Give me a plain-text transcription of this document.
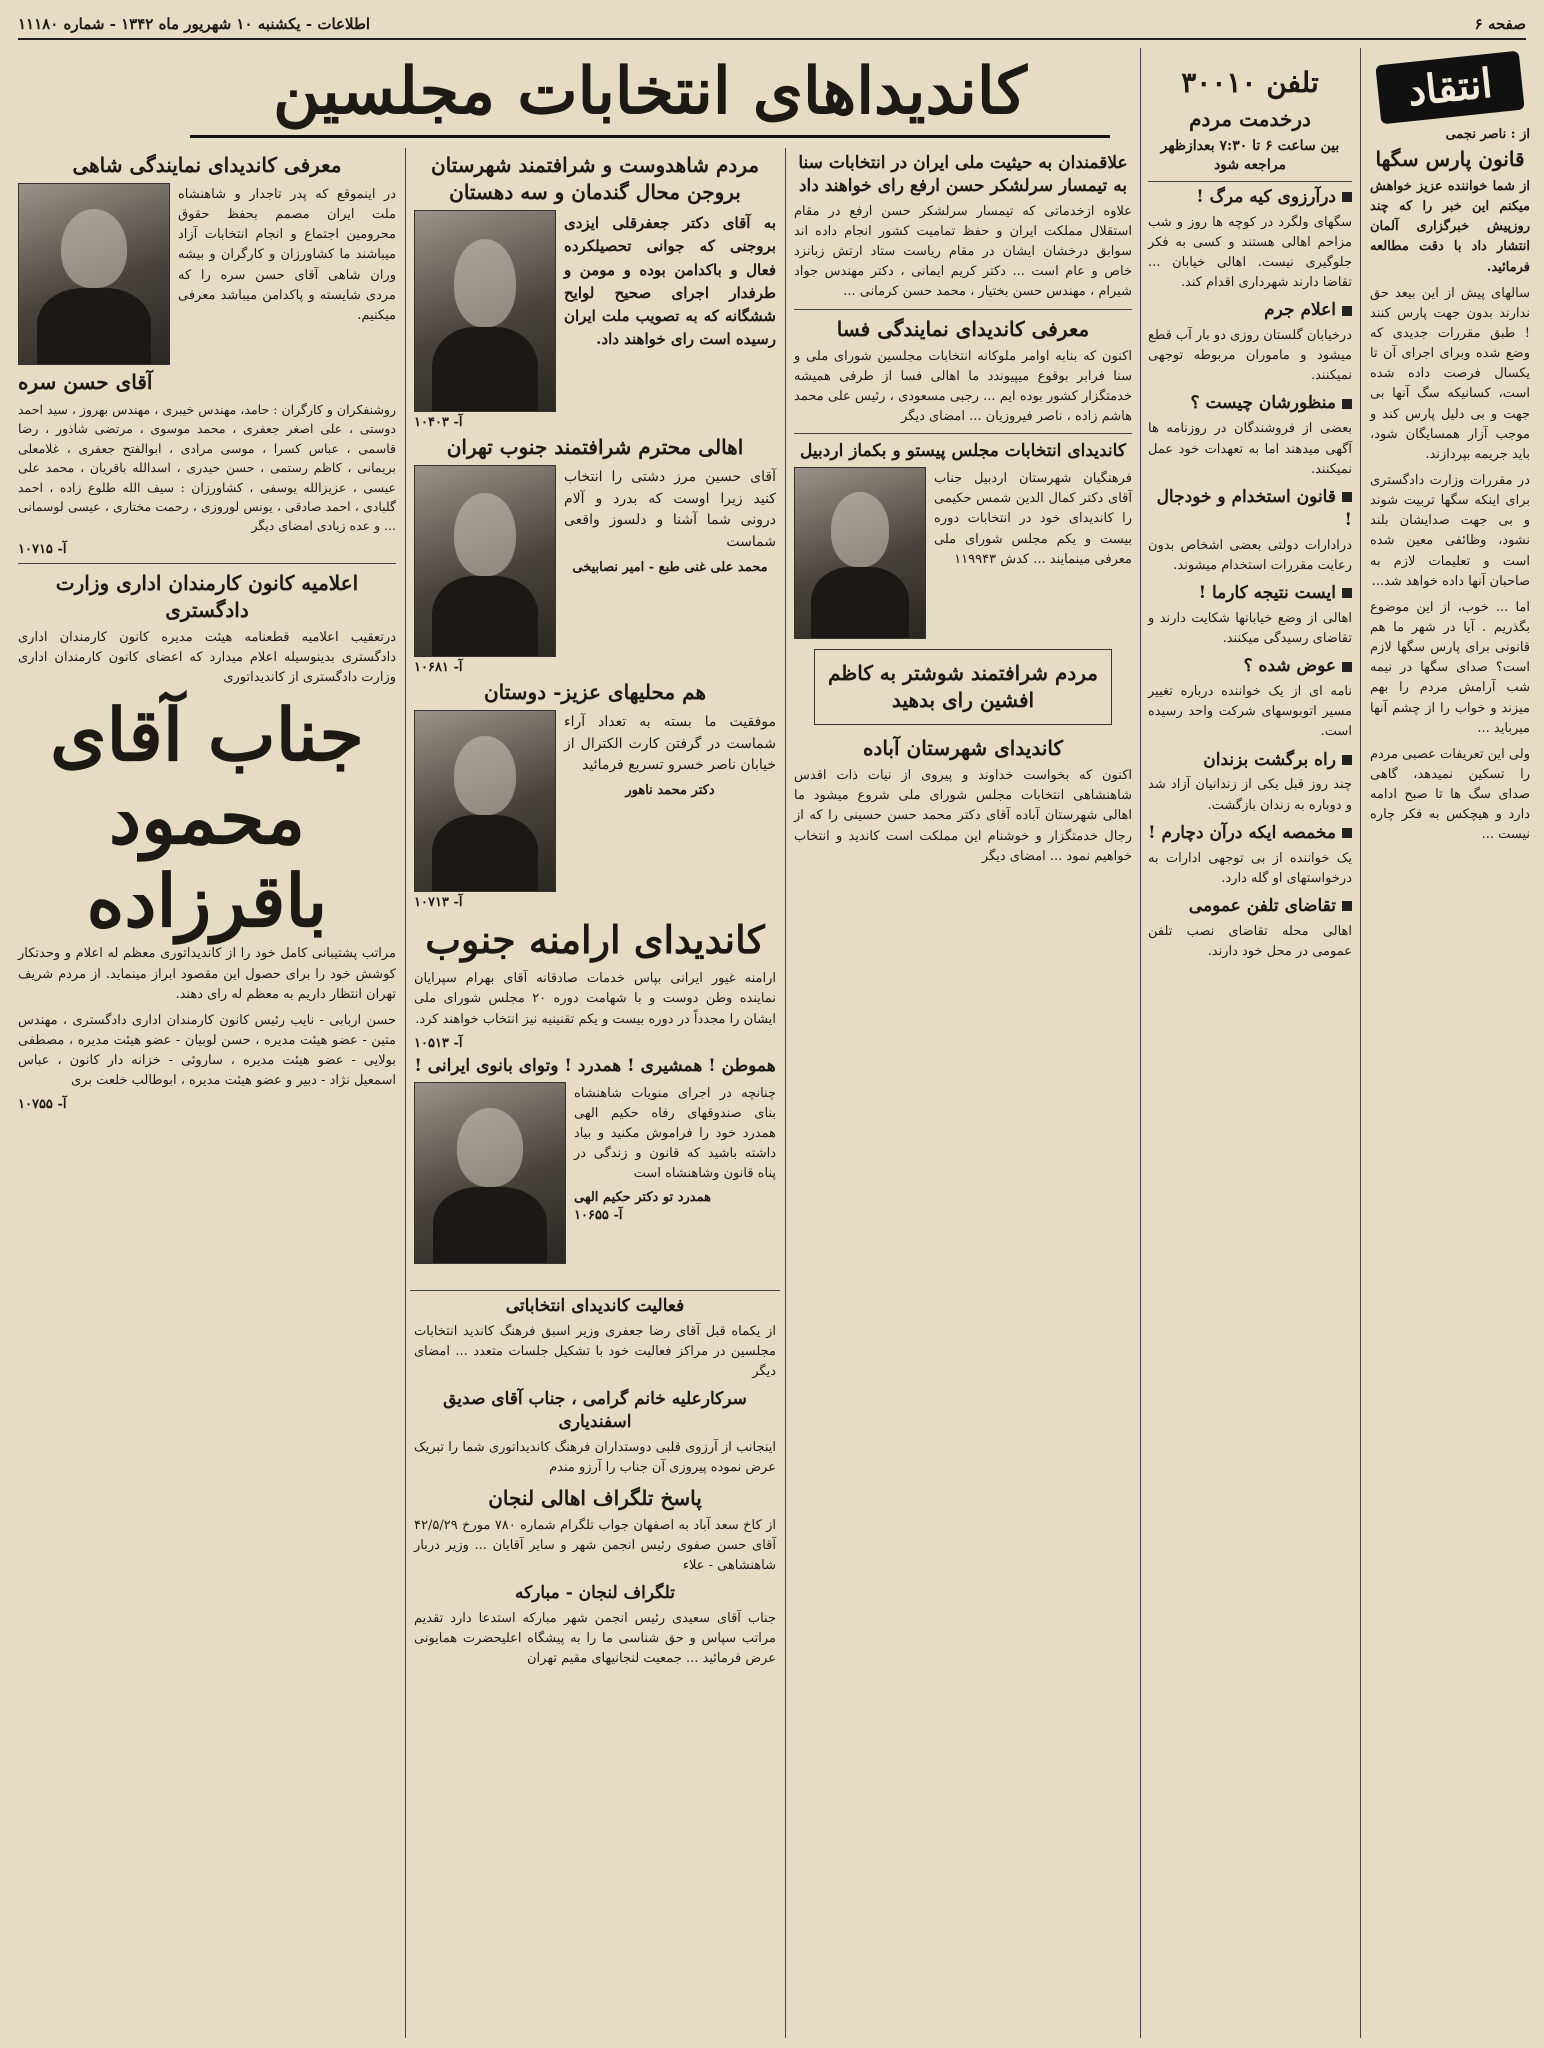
صفحه ۶
اطلاعات - یکشنبه ۱۰ شهریور ماه ۱۳۴۲ - شماره ۱۱۱۸۰
کاندیداهای انتخابات مجلسین	انتقاد
از : ناصر نجمی
قانون پارس سگها
از شما خواننده عزیز خواهش میکنم این خبر را که چند روزپیش خبرگزاری آلمان انتشار داد با دقت مطالعه فرمائید.
سالهای پیش از این بیعد حق ندارند بدون جهت پارس کنند ! طبق مقررات جدیدی که وضع شده وبرای اجرای آن تا یکسال فرصت داده شده است، کسانیکه سگ آنها بی جهت و بی دلیل پارس کند و موجب آزار همسایگان شود، باید جریمه بپردازند.
در مقررات وزارت دادگستری برای اینکه سگها تربیت شوند و بی جهت صدایشان بلند نشود، وظائفی معین شده است و تعلیمات لازم به صاحبان آنها داده خواهد شد...
اما ... خوب، از این موضوع بگذریم . آیا در شهر ما هم قانونی برای پارس سگها لازم است؟ صدای سگها در نیمه شب آرامش مردم را بهم میزند و خواب را از چشم آنها میرباید ...
ولی این تعریفات عصبی مردم را تسکین نمیدهد، گاهی صدای سگ ها تا صبح ادامه دارد و هیچکس به فکر چاره نیست ...
تلفن ۳۰۰۱۰
درخدمت مردم
بین ساعت ۶ تا ۷:۳۰ بعدازظهر مراجعه شود
درآرزوی کیه مرگ !
سگهای ولگرد در کوچه ها روز و شب مزاحم اهالی هستند و کسی به فکر جلوگیری نیست. اهالی خیابان ... تقاضا دارند شهرداری اقدام کند.
اعلام جرم
درخیابان گلستان روزی دو بار آب قطع میشود و ماموران مربوطه توجهی نمیکنند.
منظورشان چیست ؟
بعضی از فروشندگان در روزنامه ها آگهی میدهند اما به تعهدات خود عمل نمیکنند.
قانون استخدام و خودجال !
درادارات دولتی بعضی اشخاص بدون رعایت مقررات استخدام میشوند.
ایست نتیجه کارما !
اهالی از وضع خیابانها شکایت دارند و تقاضای رسیدگی میکنند.
عوض شده ؟
نامه ای از یک خواننده درباره تغییر مسیر اتوبوسهای شرکت واحد رسیده است.
راه برگشت بزندان
چند روز قبل یکی از زندانیان آزاد شد و دوباره به زندان بازگشت.
مخمصه ایکه درآن دچارم !
یک خواننده از بی توجهی ادارات به درخواستهای او گله دارد.
تقاضای تلفن عمومی
اهالی محله تقاضای نصب تلفن عمومی در محل خود دارند.
علاقمندان به حیثیت ملی ایران در انتخابات سنا به تیمسار سرلشکر حسن ارفع رای خواهند داد
علاوه ازخدماتی که تیمسار سرلشکر حسن ارفع در مقام استقلال مملکت ایران و حفظ تمامیت کشور انجام داده اند سوابق درخشان ایشان در مقام ریاست ستاد ارتش زبانزد خاص و عام است ... دکتر کریم ایمانی ، دکتر مهندس جواد شیرام ، مهندس حسن بختیار ، محمد حسن کرمانی ...
معرفی کاندیدای نمایندگی فسا
اکنون که بنابه اوامر ملوکانه انتخابات مجلسین شورای ملی و سنا فرابر بوقوع میپیوندد ما اهالی فسا از طرفی همیشه خدمتگزار کشور بوده ایم ... رجبی مسعودی ، رئیس علی محمد هاشم زاده ، ناصر فیروزیان ... امضای دیگر
کاندیدای انتخابات مجلس پیستو و بکماز اردبیل
فرهنگیان شهرستان اردبیل جناب آقای دکتر کمال الدین شمس حکیمی را کاندیدای خود در انتخابات دوره بیست و یکم مجلس شورای ملی معرفی مینمایند ... کدش ۱۱۹۹۴۳
مردم شرافتمند شوشتر به کاظم افشین رای بدهید
کاندیدای شهرستان آباده
اکنون که بخواست خداوند و پیروی از نیات ذات اقدس شاهنشاهی انتخابات مجلس شورای ملی شروع میشود ما اهالی شهرستان آباده آقای دکتر محمد حسن حسینی را که از رجال خدمتگزار و خوشنام این مملکت است کاندید و انتخاب خواهیم نمود ... امضای دیگر
مردم شاهدوست و شرافتمند شهرستان بروجن محال گندمان و سه دهستان
به آقای دکتر جعفرقلی ایزدی بروجنی که جوانی تحصیلکرده فعال و باکدامن بوده و مومن و طرفدار اجرای صحیح لوایح ششگانه که به تصویب ملت ایران رسیده است رای خواهند داد.
آ- ۱۰۴۰۳
اهالی محترم شرافتمند جنوب تهران
آقای حسین مرز دشتی را انتخاب کنید زیرا اوست که بدرد و آلام درونی شما آشنا و دلسوز واقعی شماست
محمد علی غنی طبع - امیر نصابیخی
آ- ۱۰۶۸۱
هم محلیهای عزیز- دوستان
موفقیت ما بسته به تعداد آراء شماست در گرفتن کارت الکترال از خیابان ناصر خسرو تسریع فرمائید
دکتر محمد ناهور
آ- ۱۰۷۱۳
کاندیدای ارامنه جنوب
ارامنه غیور ایرانی بپاس خدمات صادقانه آقای بهرام سپرایان نماینده وطن دوست و با شهامت دوره ۲۰ مجلس شورای ملی ایشان را مجدداً در دوره بیست و یکم تقنینیه نیز انتخاب خواهند کرد.
آ- ۱۰۵۱۳
هموطن ! همشیری ! همدرد ! وتوای بانوی ایرانی !
چنانچه در اجرای منویات شاهنشاه بنای صندوقهای رفاه حکیم الهی همدرد خود را فراموش مکنید و بیاد داشته باشید که قانون و زندگی در پناه قانون وشاهنشاه است
همدرد تو دکتر حکیم الهی
آ- ۱۰۶۵۵
فعالیت کاندیدای انتخاباتی
از یکماه قبل آقای رضا جعفری وزیر اسبق فرهنگ کاندید انتخابات مجلسین در مراکز فعالیت خود با تشکیل جلسات متعدد ... امضای دیگر
سرکارعلیه خانم گرامی ، جناب آقای صدیق اسفندیاری
اینجانب از آرزوی قلبی دوستداران فرهنگ کاندیداتوری شما را تبریک عرض نموده پیروزی آن جناب را آرزو مندم
پاسخ تلگراف اهالی لنجان
از کاخ سعد آباد به اصفهان جواب تلگرام شماره ۷۸۰ مورخ ۴۲/۵/۲۹ آقای حسن صفوی رئیس انجمن شهر و سایر آقایان ... وزیر دربار شاهنشاهی - علاء
تلگراف لنجان - مبارکه
جناب آقای سعیدی رئیس انجمن شهر مبارکه استدعا دارد تقدیم مراتب سپاس و حق شناسی ما را به پیشگاه اعلیحضرت همایونی عرض فرمائید ... جمعیت لنجانیهای مقیم تهران
معرفی کاندیدای نمایندگی شاهی
در اینموقع که پدر تاجدار و شاهنشاه ملت ایران مصمم بحفظ حقوق محرومین اجتماع و انجام انتخابات آزاد میباشند ما کشاورزان و کارگران و بیشه وران شاهی آقای حسن سره را که مردی شایسته و پاکدامن میباشد معرفی میکنیم.
آقای حسن سره
روشنفکران و کارگران : حامد، مهندس خیبری ، مهندس بهروز ، سید احمد دوستی ، علی اصغر جعفری ، محمد موسوی ، مرتضی شاذور ، رضا قاسمی ، عباس کسرا ، موسی مرادی ، ابوالفتح جعفری ، غلامعلی بریمانی ، کاظم رستمی ، حسن حیدری ، اسدالله باقریان ، محمد علی عیسی ، عزیزالله یوسفی ، کشاورزان : سیف الله طلوع زاده ، احمد گلبادی ، احمد صادقی ، یونس لوروزی ، رحمت مختاری ، عیسی لوسمانی ... و عده زیادی امضای دیگر
آ- ۱۰۷۱۵
اعلامیه کانون کارمندان اداری وزارت دادگستری
درتعقیب اعلامیه قطعنامه هیئت مدیره کانون کارمندان اداری دادگستری بدینوسیله اعلام میدارد که اعضای کانون کارمندان اداری وزارت دادگستری از کاندیداتوری
جناب آقای محمود باقرزاده
مراتب پشتیبانی کامل خود را از کاندیداتوری معظم له اعلام و وحدتکار کوشش خود را برای حصول این مقصود ابراز مینماید. از مردم شریف تهران انتظار داریم به معظم له رای دهند.
حسن اربابی - نایب رئیس کانون کارمندان اداری دادگستری ، مهندس متین - عضو هیئت مدیره ، حسن لوبیان - عضو هیئت مدیره ، مصطفی بولایی - عضو هیئت مدیره ، ساروئی - خزانه دار کانون ، عباس اسمعیل نژاد - دبیر و عضو هیئت مدیره ، ابوطالب خلعت بری
آ- ۱۰۷۵۵
